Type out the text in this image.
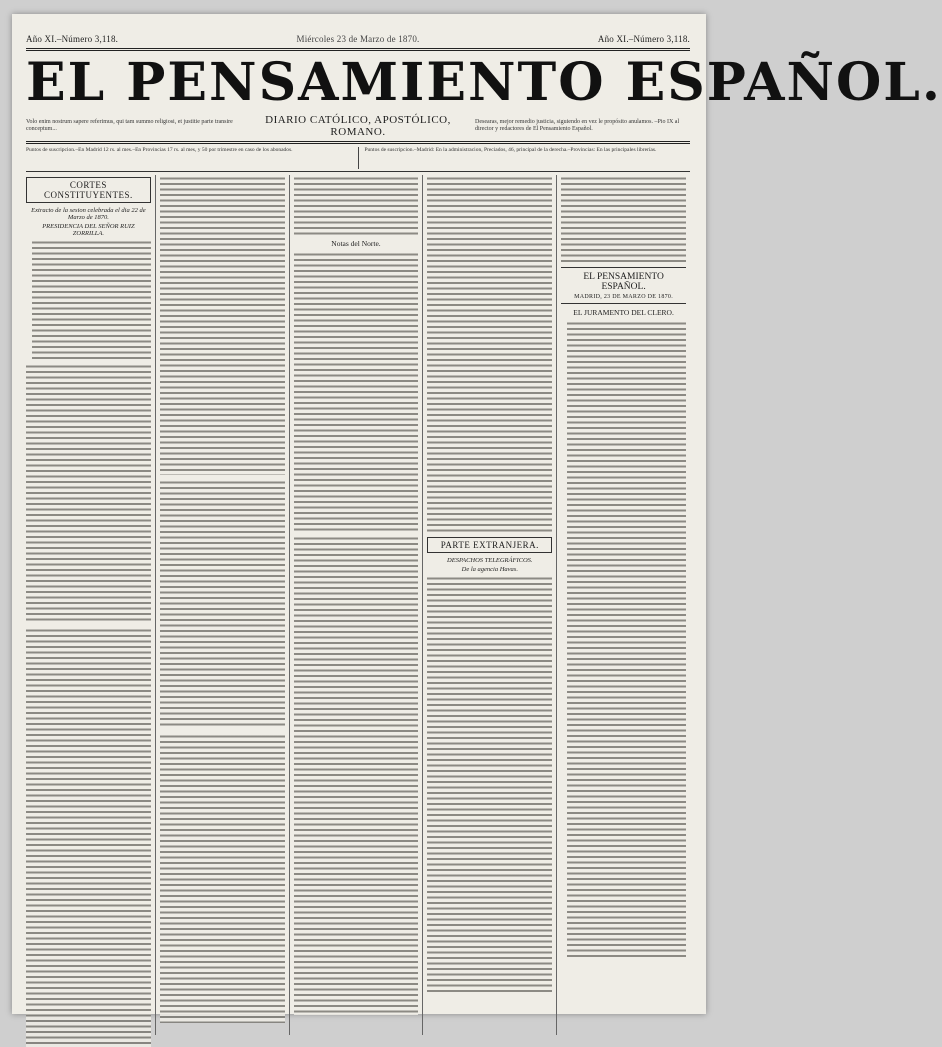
Año XI.–Número 3,118.	Miércoles 23 de Marzo de 1870.	Año XI.–Número 3,118.
EL PENSAMIENTO ESPAÑOL.
Volo enim nostrum sapere referimus, qui tam summo religiosi, et justitie parte transire conceptum...
DIARIO CATÓLICO, APOSTÓLICO, ROMANO.
Desearas, mejor remedio justicia, siguiendo en vez le propósito anulamos. –Pio IX al director y redactores de El Pensamiento Español.
Puntos de suscripcion.–En Madrid 12 rs. al mes.–En Provincias 17 rs. al mes, y 50 por trimestre en caso de los abonados.	Puntos de suscripcion.–Madrid: En la administracion, Preciados, 46, principal de la derecha.–Provincias: En las principales librerías.
CORTES CONSTITUYENTES.
Extracto de la sesion celebrada el dia 22 de Marzo de 1870.
PRESIDENCIA DEL SEÑOR RUIZ ZORRILLA.
Notas del Norte.
PARTE EXTRANJERA.
DESPACHOS TELEGRÁFICOS.
De la agencia Havas.
EL PENSAMIENTO ESPAÑOL.
MADRID, 23 DE MARZO DE 1870.
EL JURAMENTO DEL CLERO.
